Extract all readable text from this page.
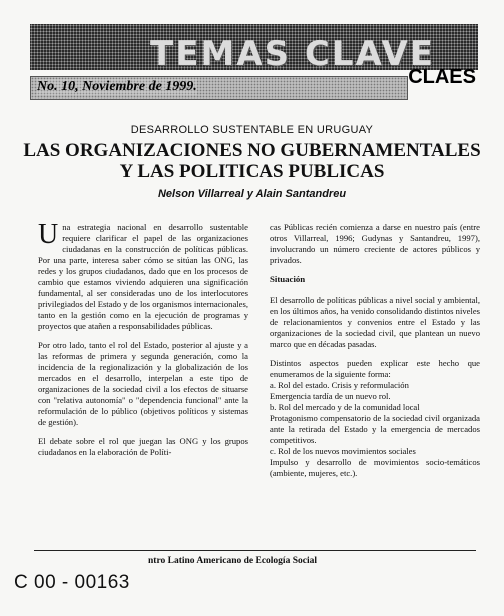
TEMAS CLAVE
No. 10, Noviembre de 1999.	CLAES
DESARROLLO SUSTENTABLE EN URUGUAY
LAS ORGANIZACIONES NO GUBERNAMENTALES
Y LAS POLITICAS PUBLICAS
Nelson Villarreal y Alain Santandreu

Una estrategia nacional en desarrollo sustentable requiere clarificar el papel de las organizaciones ciudadanas en la construcción de políticas públicas. Por una parte, interesa saber cómo se sitúan las ONG, las redes y los grupos ciudadanos, dado que en los procesos de cambio que estamos viviendo adquieren una significación fundamental, al ser consideradas uno de los interlocutores privilegiados del Estado y de los organismos internacionales, tanto en la gestión como en la ejecución de programas y proyectos que atañen a responsabilidades públicas.

Por otro lado, tanto el rol del Estado, posterior al ajuste y a las reformas de primera y segunda generación, como la incidencia de la regionalización y la globalización de los mercados en el desarrollo, interpelan a este tipo de organizaciones de la sociedad civil a los efectos de situarse con "relativa autonomía" o "dependencia funcional" ante la reformulación de lo público (objetivos políticos y sistemas de gestión).

El debate sobre el rol que juegan las ONG y los grupos ciudadanos en la elaboración de Políti-

cas Públicas recién comienza a darse en nuestro país (entre otros Villarreal, 1996; Gudynas y Santandreu, 1997), involucrando un número creciente de actores públicos y privados.

Situación

El desarrollo de políticas públicas a nivel social y ambiental, en los últimos años, ha venido consolidando distintos niveles de relacionamientos y convenios entre el Estado y las organizaciones de la sociedad civil, que plantean un nuevo marco que en décadas pasadas.

Distintos aspectos pueden explicar este hecho que enumeramos de la siguiente forma:

a. Rol del estado. Crisis y reformulación
Emergencia tardía de un nuevo rol.
b. Rol del mercado y de la comunidad local
Protagonismo compensatorio de la sociedad civil organizada ante la retirada del Estado y la emergencia de mercados competitivos.
c. Rol de los nuevos movimientos sociales
Impulso y desarrollo de movimientos socio-temáticos (ambiente, mujeres, etc.).
ntro Latino Americano de Ecología Social
C 00 - 00163
